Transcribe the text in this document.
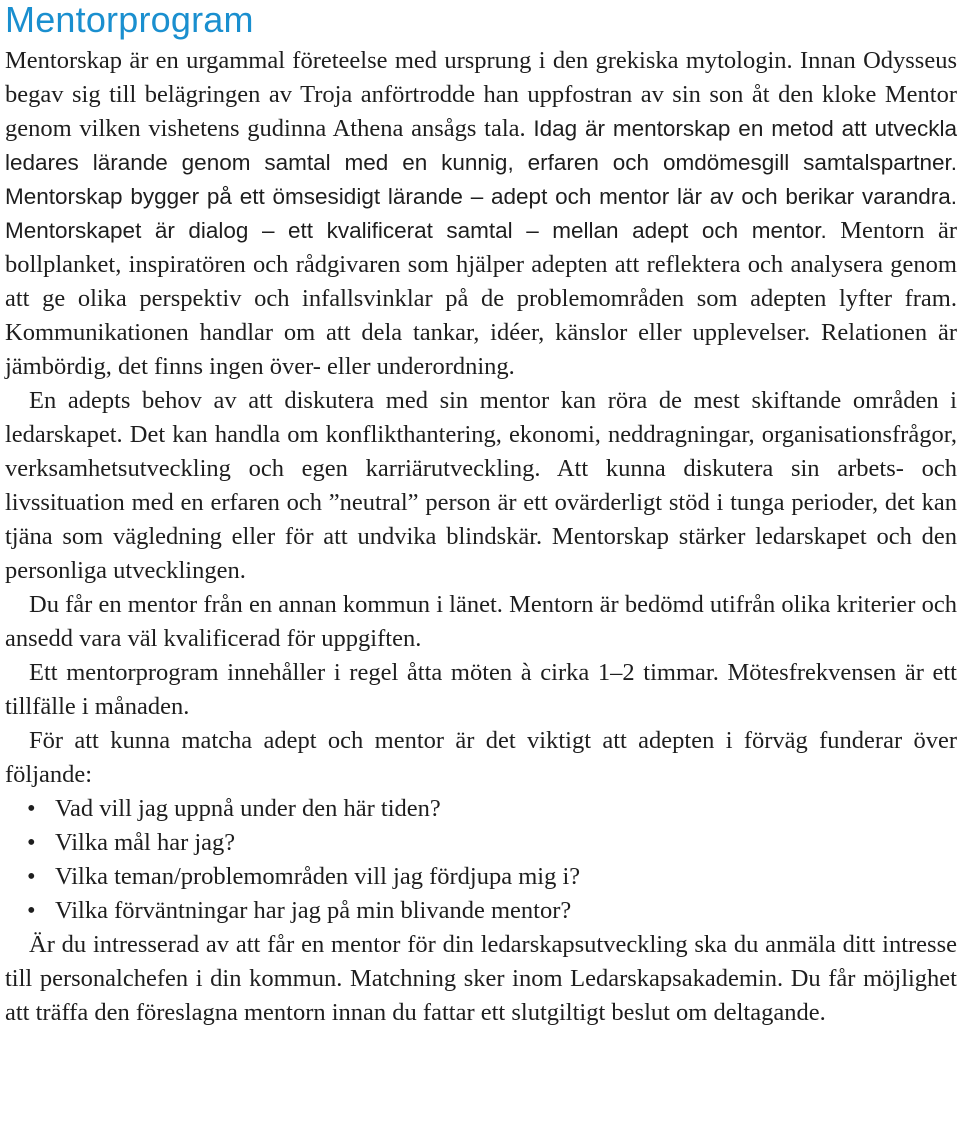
Mentorprogram

Mentorskap är en urgammal företeelse med ursprung i den grekiska mytologin. Innan Odysseus begav sig till belägringen av Troja anförtrodde han uppfostran av sin son åt den kloke Mentor genom vilken vishetens gudinna Athena ansågs tala. Idag är mentorskap en metod att utveckla ledares lärande genom samtal med en kunnig, erfaren och omdömesgill samtalspartner. Mentorskap bygger på ett ömsesidigt lärande – adept och mentor lär av och berikar varandra. Mentorskapet är dialog – ett kvalificerat samtal – mellan adept och mentor. Mentorn är bollplanket, inspiratören och rådgivaren som hjälper adepten att reflektera och analysera genom att ge olika perspektiv och infallsvinklar på de problemområden som adepten lyfter fram. Kommunikationen handlar om att dela tankar, idéer, känslor eller upplevelser. Relationen är jämbördig, det finns ingen över- eller underordning.

En adepts behov av att diskutera med sin mentor kan röra de mest skiftande områden i ledarskapet. Det kan handla om konflikthantering, ekonomi, neddragningar, organisationsfrågor, verksamhetsutveckling och egen karriärutveckling. Att kunna diskutera sin arbets- och livssituation med en erfaren och ”neutral” person är ett ovärderligt stöd i tunga perioder, det kan tjäna som vägledning eller för att undvika blindskär. Mentorskap stärker ledarskapet och den personliga utvecklingen.

Du får en mentor från en annan kommun i länet. Mentorn är bedömd utifrån olika kriterier och ansedd vara väl kvalificerad för uppgiften.

Ett mentorprogram innehåller i regel åtta möten à cirka 1–2 timmar. Mötesfrekvensen är ett tillfälle i månaden.

För att kunna matcha adept och mentor är det viktigt att adepten i förväg funderar över följande:

• Vad vill jag uppnå under den här tiden?
• Vilka mål har jag?
• Vilka teman/problemområden vill jag fördjupa mig i?
• Vilka förväntningar har jag på min blivande mentor?

Är du intresserad av att får en mentor för din ledarskapsutveckling ska du anmäla ditt intresse till personalchefen i din kommun. Matchning sker inom Ledarskapsakademin. Du får möjlighet att träffa den föreslagna mentorn innan du fattar ett slutgiltigt beslut om deltagande.
